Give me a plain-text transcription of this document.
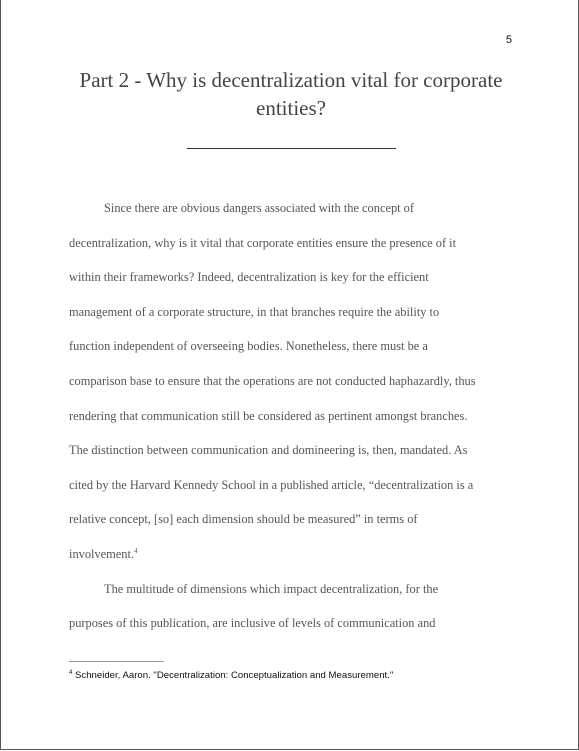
5
Part 2 - Why is decentralization vital for corporate
entities?
Since there are obvious dangers associated with the concept of
decentralization, why is it vital that corporate entities ensure the presence of it
within their frameworks? Indeed, decentralization is key for the efficient
management of a corporate structure, in that branches require the ability to
function independent of overseeing bodies. Nonetheless, there must be a
comparison base to ensure that the operations are not conducted haphazardly, thus
rendering that communication still be considered as pertinent amongst branches.
The distinction between communication and domineering is, then, mandated. As
cited by the Harvard Kennedy School in a published article, “decentralization is a
relative concept, [so] each dimension should be measured” in terms of
involvement.$^4$
The multitude of dimensions which impact decentralization, for the
purposes of this publication, are inclusive of levels of communication and
$^4$ Schneider, Aaron. "Decentralization: Conceptualization and Measurement."
